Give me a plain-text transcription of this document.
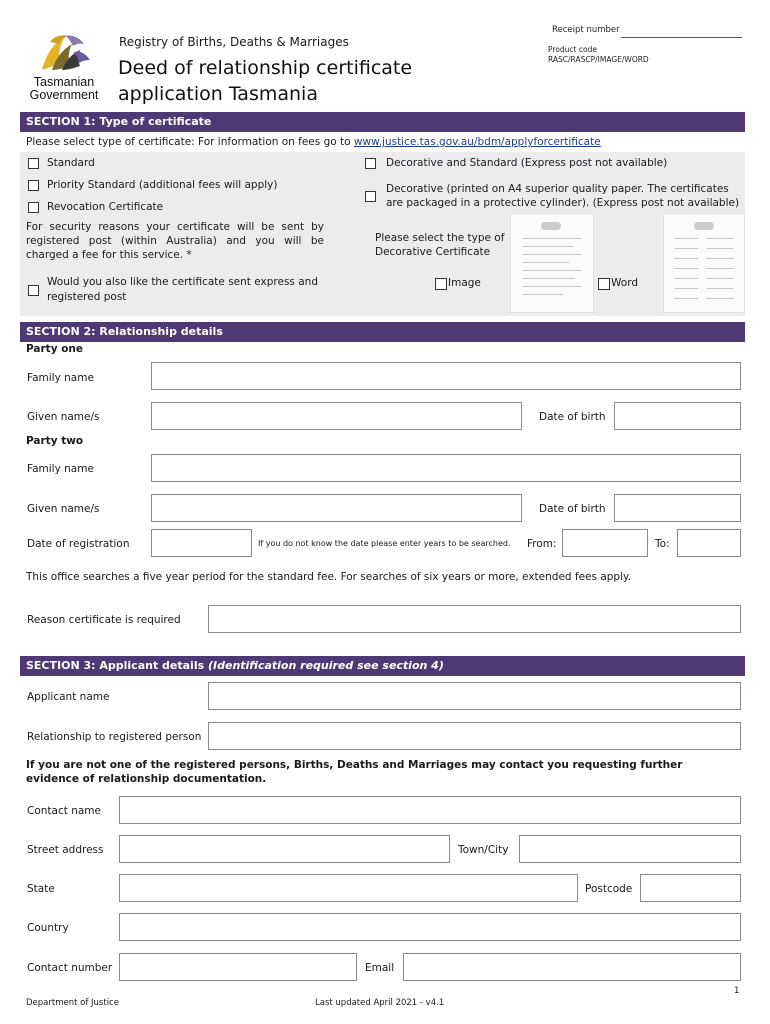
Tasmanian
Government
Registry of Births, Deaths & Marriages
Deed of relationship certificate
application Tasmania
Receipt number
Product code
RASC/RASCP/IMAGE/WORD
SECTION 1: Type of certificate
Please select type of certificate: For information on fees go to www.justice.tas.gov.au/bdm/applyforcertificate
Standard
Priority Standard (additional fees will apply)
Revocation Certificate
For security reasons your certificate will be sent by registered post (within Australia) and you will be charged a fee for this service. *
Would you also like the certificate sent express and
registered post
Decorative and Standard (Express post not available)
Decorative (printed on A4 superior quality paper. The certificates
are packaged in a protective cylinder). (Express post not available)
Please select the type of
Decorative Certificate
Image	Word
SECTION 2: Relationship details
Party one
Family name
Given name/s	Date of birth
Party two
Family name
Given name/s	Date of birth
Date of registration	If you do not know the date please enter years to be searched. From:	To:
This office searches a five year period for the standard fee. For searches of six years or more, extended fees apply.
Reason certificate is required
SECTION 3: Applicant details (Identification required see section 4)
Applicant name
Relationship to registered person
If you are not one of the registered persons, Births, Deaths and Marriages may contact you requesting further
evidence of relationship documentation.
Contact name
Street address	Town/City
State	Postcode
Country
Contact number	Email
Department of Justice	Last updated April 2021 - v4.1
1
